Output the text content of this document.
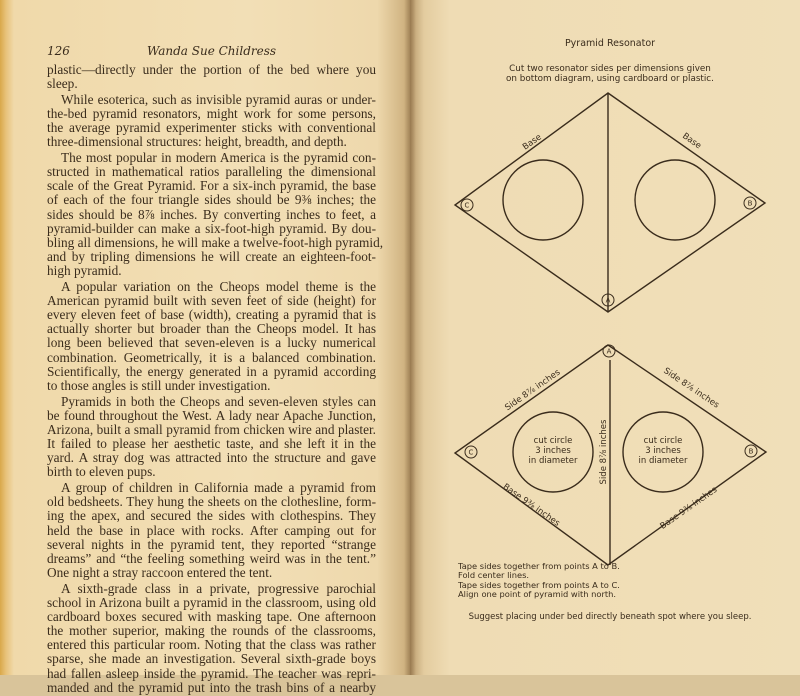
126	Wanda Sue Childress
plastic—directly under the portion of the bed where you
sleep.
While esoterica, such as invisible pyramid auras or under-
the-bed pyramid resonators, might work for some persons,
the average pyramid experimenter sticks with conventional
three-dimensional structures: height, breadth, and depth.
The most popular in modern America is the pyramid con-
structed in mathematical ratios paralleling the dimensional
scale of the Great Pyramid. For a six-inch pyramid, the base
of each of the four triangle sides should be 9⅜ inches; the
sides should be 8⅞ inches. By converting inches to feet, a
pyramid-builder can make a six-foot-high pyramid. By dou-
bling all dimensions, he will make a twelve-foot-high pyramid,
and by tripling dimensions he will create an eighteen-foot-
high pyramid.
A popular variation on the Cheops model theme is the
American pyramid built with seven feet of side (height) for
every eleven feet of base (width), creating a pyramid that is
actually shorter but broader than the Cheops model. It has
long been believed that seven-eleven is a lucky numerical
combination. Geometrically, it is a balanced combination.
Scientifically, the energy generated in a pyramid according
to those angles is still under investigation.
Pyramids in both the Cheops and seven-eleven styles can
be found throughout the West. A lady near Apache Junction,
Arizona, built a small pyramid from chicken wire and plaster.
It failed to please her aesthetic taste, and she left it in the
yard. A stray dog was attracted into the structure and gave
birth to eleven pups.
A group of children in California made a pyramid from
old bedsheets. They hung the sheets on the clothesline, form-
ing the apex, and secured the sides with clothespins. They
held the base in place with rocks. After camping out for
several nights in the pyramid tent, they reported “strange
dreams” and “the feeling something weird was in the tent.”
One night a stray raccoon entered the tent.
A sixth-grade class in a private, progressive parochial
school in Arizona built a pyramid in the classroom, using old
cardboard boxes secured with masking tape. One afternoon
the mother superior, making the rounds of the classrooms,
entered this particular room. Noting that the class was rather
sparse, she made an investigation. Several sixth-grade boys
had fallen asleep inside the pyramid. The teacher was repri-
manded and the pyramid put into the trash bins of a nearby
Pyramid Resonator
Cut two resonator sides per dimensions given
on bottom diagram, using cardboard or plastic.
C	B
A
A
C	B
Base	Base
Side 8⅞ inches	Side 8⅞ inches
Side 8⅞ inches
Base 9⅜ inches	Base 9⅜ inches
cut circle
3 inches
in diameter
cut circle
3 inches
in diameter
Tape sides together from points A to B.
Fold center lines.
Tape sides together from points A to C.
Align one point of pyramid with north.
Suggest placing under bed directly beneath spot where you sleep.
